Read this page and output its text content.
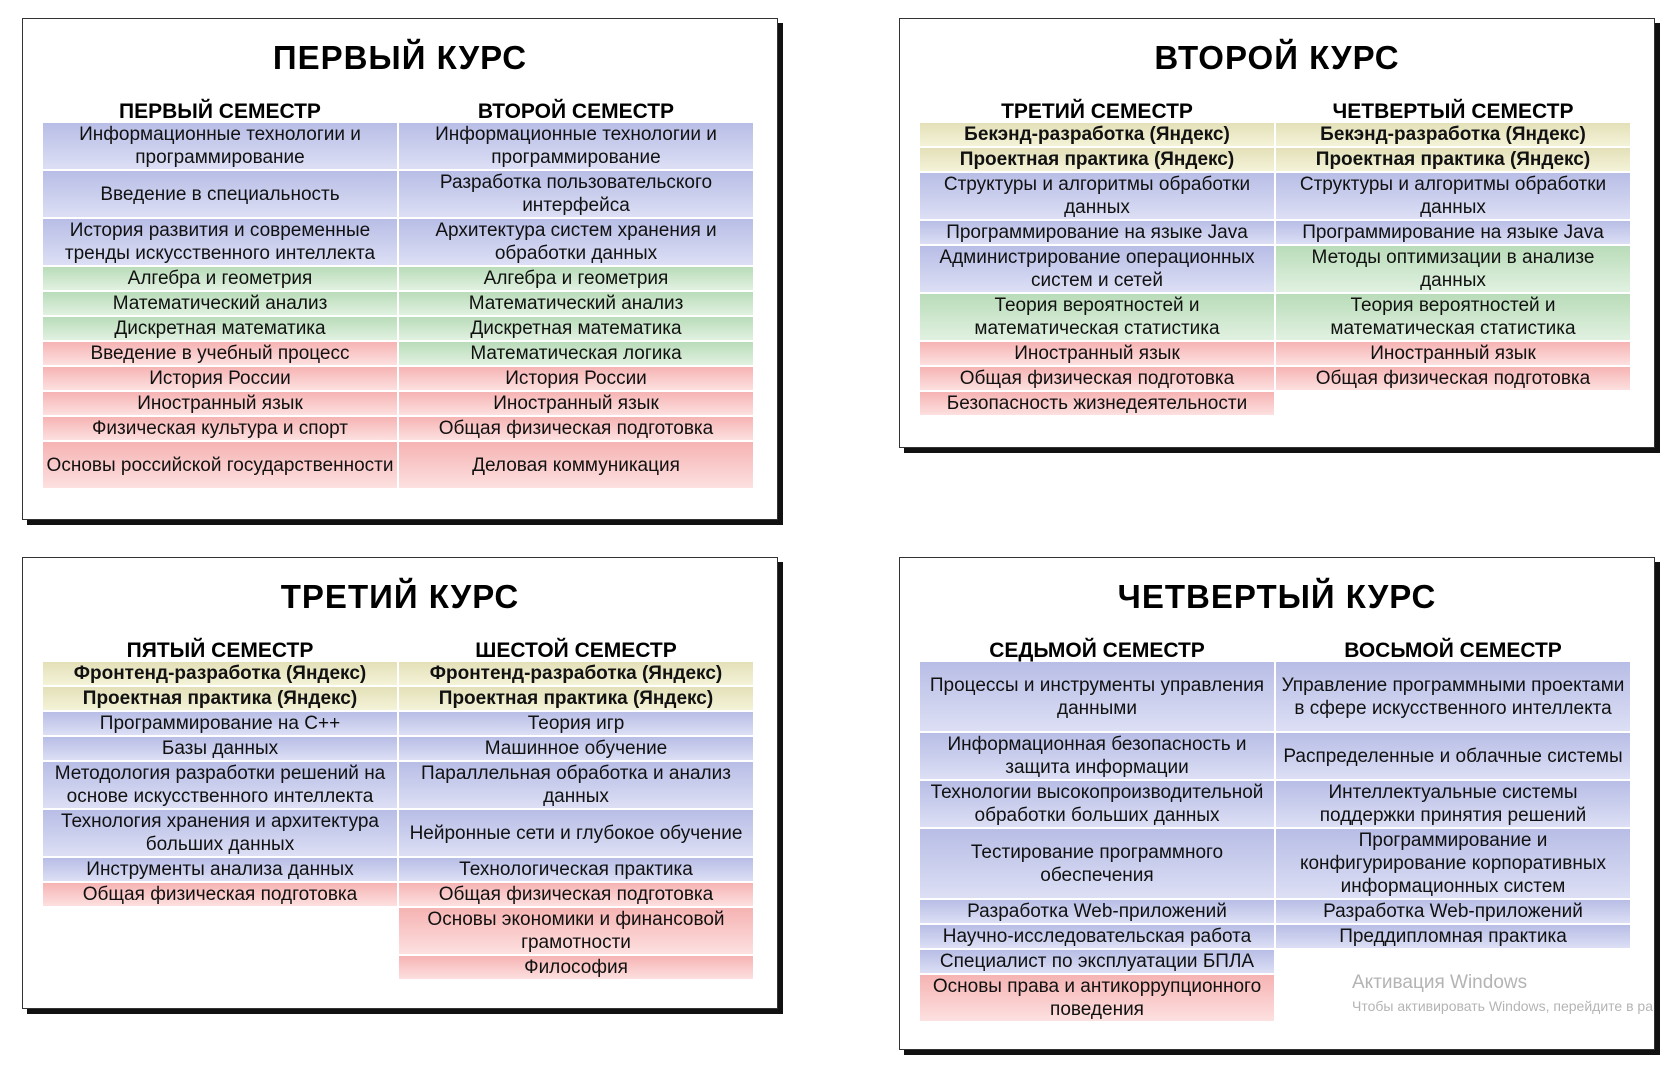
ПЕРВЫЙ КУРС
ПЕРВЫЙ СЕМЕСТР
Информационные технологии и программирование
Введение в специальность
История развития и современные тренды искусственного интеллекта
Алгебра и геометрия
Математический анализ
Дискретная математика
Введение в учебный процесс
История России
Иностранный язык
Физическая культура и спорт
Основы российской государственности
ВТОРОЙ СЕМЕСТР
Информационные технологии и программирование
Разработка пользовательского интерфейса
Архитектура систем хранения и обработки данных
Алгебра и геометрия
Математический анализ
Дискретная математика
Математическая логика
История России
Иностранный язык
Общая физическая подготовка
Деловая коммуникация
ВТОРОЙ КУРС
ТРЕТИЙ СЕМЕСТР
Бекэнд-разработка (Яндекс)
Проектная практика (Яндекс)
Структуры и алгоритмы обработки данных
Программирование на языке Java
Администрирование операционных систем и сетей
Теория вероятностей и математическая статистика
Иностранный язык
Общая физическая подготовка
Безопасность жизнедеятельности
ЧЕТВЕРТЫЙ СЕМЕСТР
Бекэнд-разработка (Яндекс)
Проектная практика (Яндекс)
Структуры и алгоритмы обработки данных
Программирование на языке Java
Методы оптимизации в анализе данных
Теория вероятностей и математическая статистика
Иностранный язык
Общая физическая подготовка
ТРЕТИЙ КУРС
ПЯТЫЙ СЕМЕСТР
Фронтенд-разработка (Яндекс)
Проектная практика (Яндекс)
Программирование на С++
Базы данных
Методология разработки решений на основе искусственного интеллекта
Технология хранения и архитектура больших данных
Инструменты анализа данных
Общая физическая подготовка
ШЕСТОЙ СЕМЕСТР
Фронтенд-разработка (Яндекс)
Проектная практика (Яндекс)
Теория игр
Машинное обучение
Параллельная обработка и анализ данных
Нейронные сети и глубокое обучение
Технологическая практика
Общая физическая подготовка
Основы экономики и финансовой грамотности
Философия
ЧЕТВЕРТЫЙ КУРС
СЕДЬМОЙ СЕМЕСТР
Процессы и инструменты управления данными
Информационная безопасность и защита информации
Технологии высокопроизводительной обработки больших данных
Тестирование программного обеспечения
Разработка Web-приложений
Научно-исследовательская работа
Специалист по эксплуатации БПЛА
Основы права и антикоррупционного поведения
ВОСЬМОЙ СЕМЕСТР
Управление программными проектами в сфере искусственного интеллекта
Распределенные и облачные системы
Интеллектуальные системы поддержки принятия решений
Программирование и конфигурирование корпоративных информационных систем
Разработка Web-приложений
Преддипломная практика
Активация Windows
Чтобы активировать Windows, перейдите в ра
